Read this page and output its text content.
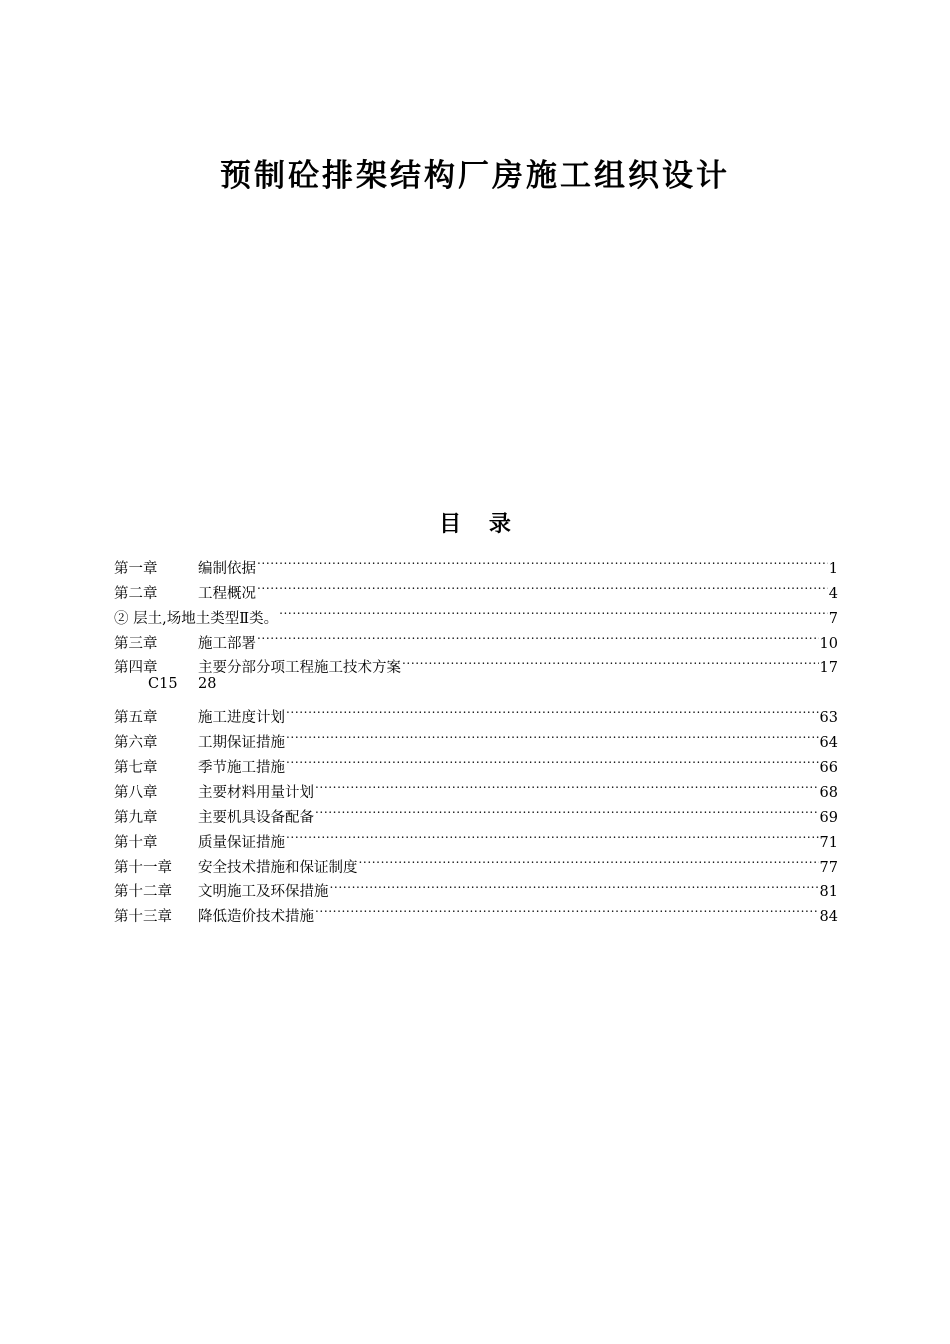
预制砼排架结构厂房施工组织设计
目 录
第一章	编制依据 .....	1
第二章	工程概况 .....	4
② 层土,场地土类型Ⅱ类。 .....	7
第三章	施工部署 .....	10
第四章	主要分部分项工程施工技术方案 .....	17
C15	28
第五章	施工进度计划 .....	63
第六章	工期保证措施 .....	64
第七章	季节施工措施 .....	66
第八章	主要材料用量计划 .....	68
第九章	主要机具设备配备 .....	69
第十章	质量保证措施 .....	71
第十一章	安全技术措施和保证制度 .....	77
第十二章	文明施工及环保措施 .....	81
第十三章	降低造价技术措施 .....	84
